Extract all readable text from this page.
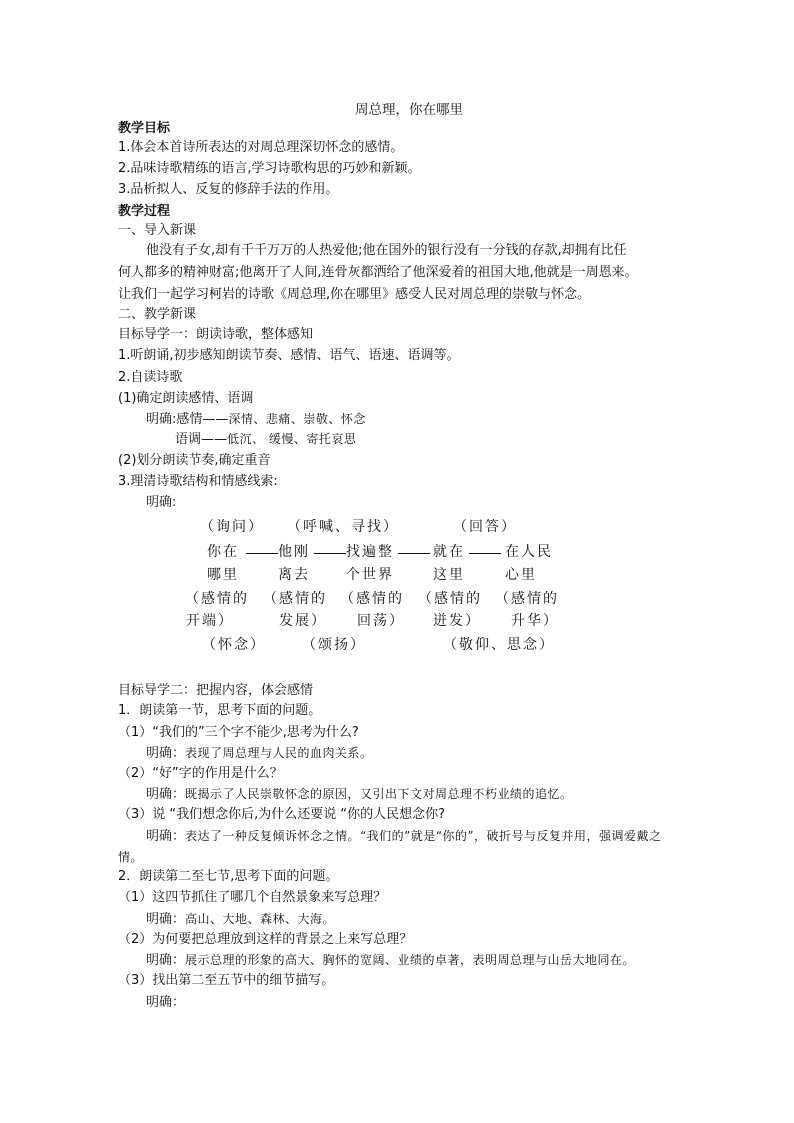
周总理，你在哪里
教学目标
1.体会本首诗所表达的对周总理深切怀念的感情。
2.品味诗歌精练的语言,学习诗歌构思的巧妙和新颖。
3.品析拟人、反复的修辞手法的作用。
教学过程
一、导入新课
他没有子女,却有千千万万的人热爱他;他在国外的银行没有一分钱的存款,却拥有比任
何人都多的精神财富;他离开了人间,连骨灰都洒给了他深爱着的祖国大地,他就是一周恩来。
让我们一起学习柯岩的诗歌《周总理,你在哪里》感受人民对周总理的崇敬与怀念。
二、教学新课
目标导学一：朗读诗歌，整体感知
1.听朗诵,初步感知朗读节奏、感情、语气、语速、语调等。
2.自读诗歌
(1)确定朗读感情、语调
明确:感情——深情、悲痛、崇敬、怀念
语调——低沉、 缓慢、寄托哀思
(2)划分朗读节奏,确定重音
3.理清诗歌结构和情感线索:
明确:
（询问） （呼喊、寻找）	（回答）
你在	他刚	找遍整	就在	在人民
哪里	离去	个世界	这里	心里
（感情的 （感情的 （感情的 （感情的 （感情的
开端）	发展） 回荡） 迸发） 升华）
（怀念）	（颂扬）	（敬仰、思念）
目标导学二：把握内容，体会感情
1．朗读第一节，思考下面的问题。
（1）“我们的”三个字不能少,思考为什么?
明确：表现了周总理与人民的血肉关系。
（2）“好”字的作用是什么？
明确：既揭示了人民崇敬怀念的原因，又引出下文对周总理不朽业绩的追忆。
（3）说 “我们想念你后,为什么还要说 “你的人民想念你?
明确：表达了一种反复倾诉怀念之情。“我们的”就是“你的”，破折号与反复并用，强调爱戴之情。
2．朗读第二至七节,思考下面的问题。
（1）这四节抓住了哪几个自然景象来写总理？
明确：高山、大地、森林、大海。
（2）为何要把总理放到这样的背景之上来写总理？
明确：展示总理的形象的高大、胸怀的宽阔、业绩的卓著，表明周总理与山岳大地同在。
（3）找出第二至五节中的细节描写。
明确：
